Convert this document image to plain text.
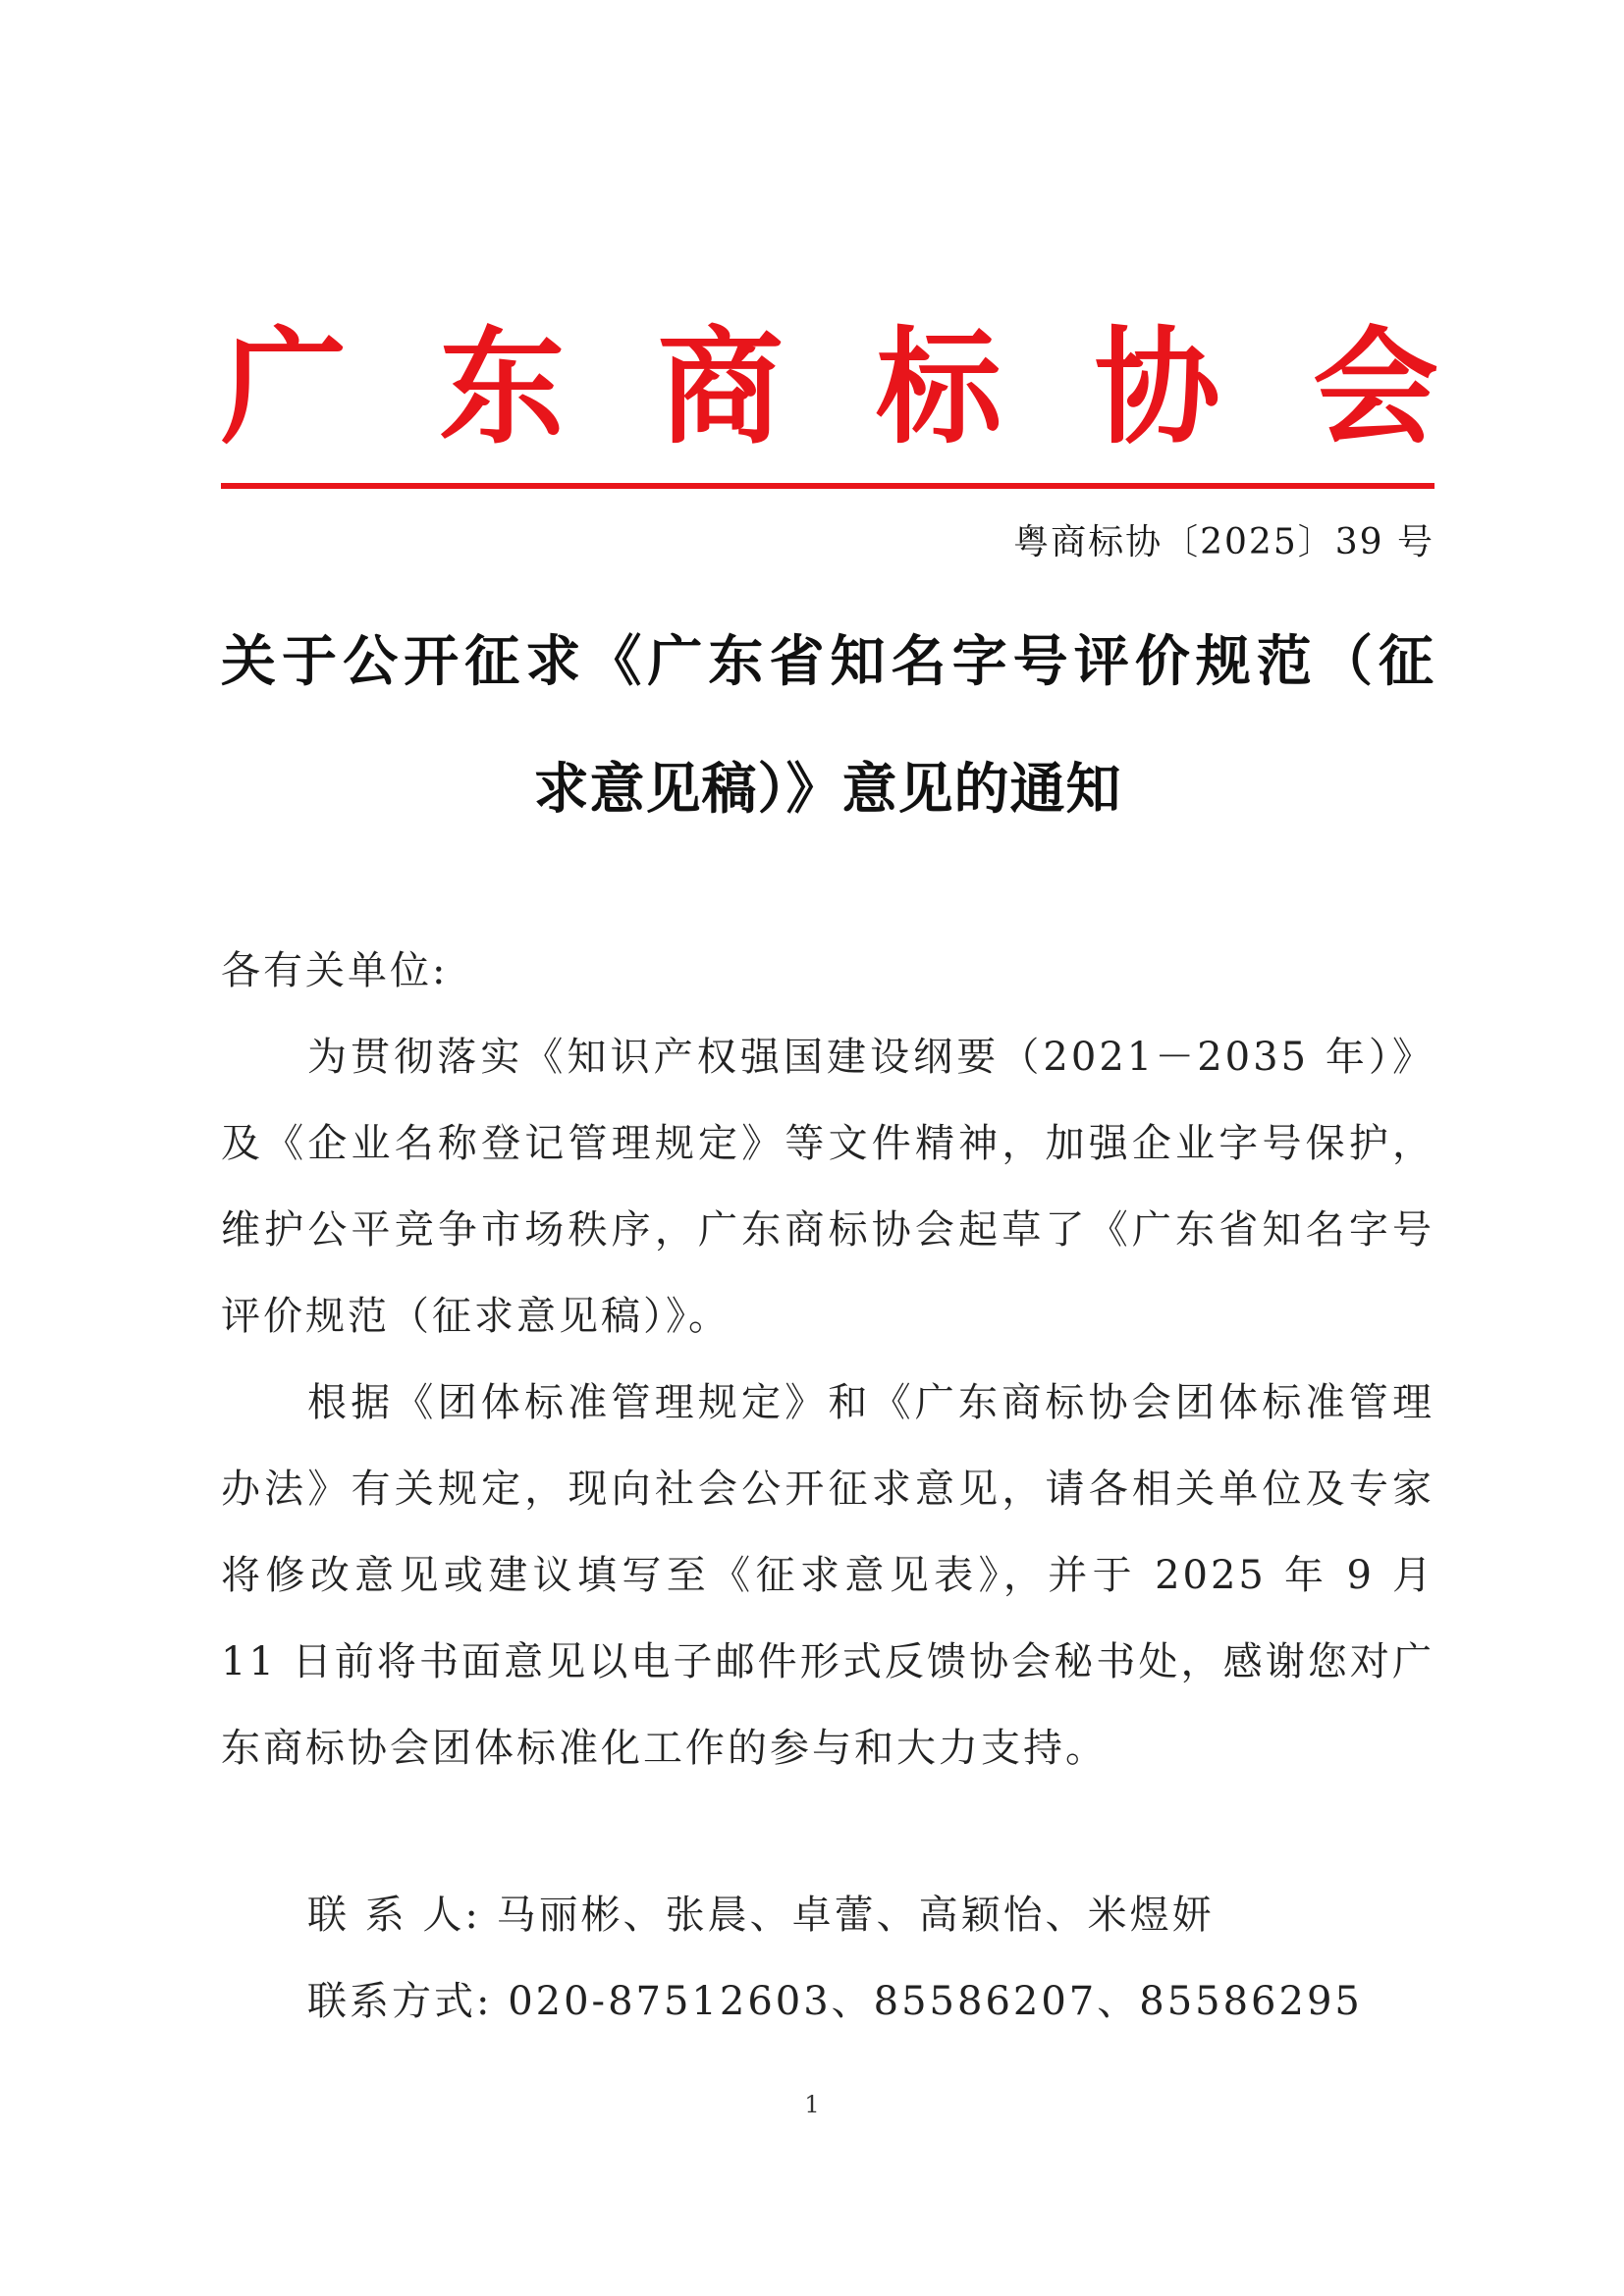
广 东 商 标 协 会
粤商标协〔2025〕39 号
关于公开征求《广东省知名字号评价规范（征
求意见稿）》意见的通知

各有关单位:

为贯彻落实《知识产权强国建设纲要（2021－2035 年）》及《企业名称登记管理规定》等文件精神，加强企业字号保护，维护公平竞争市场秩序，广东商标协会起草了《广东省知名字号评价规范（征求意见稿）》。

根据《团体标准管理规定》和《广东商标协会团体标准管理办法》有关规定，现向社会公开征求意见，请各相关单位及专家将修改意见或建议填写至《征求意见表》，并于 2025 年 9 月 11 日前将书面意见以电子邮件形式反馈协会秘书处，感谢您对广东商标协会团体标准化工作的参与和大力支持。

联 系 人: 马丽彬、张晨、卓蕾、高颖怡、米煜妍
联系方式: 020-87512603、85586207、85586295
1
